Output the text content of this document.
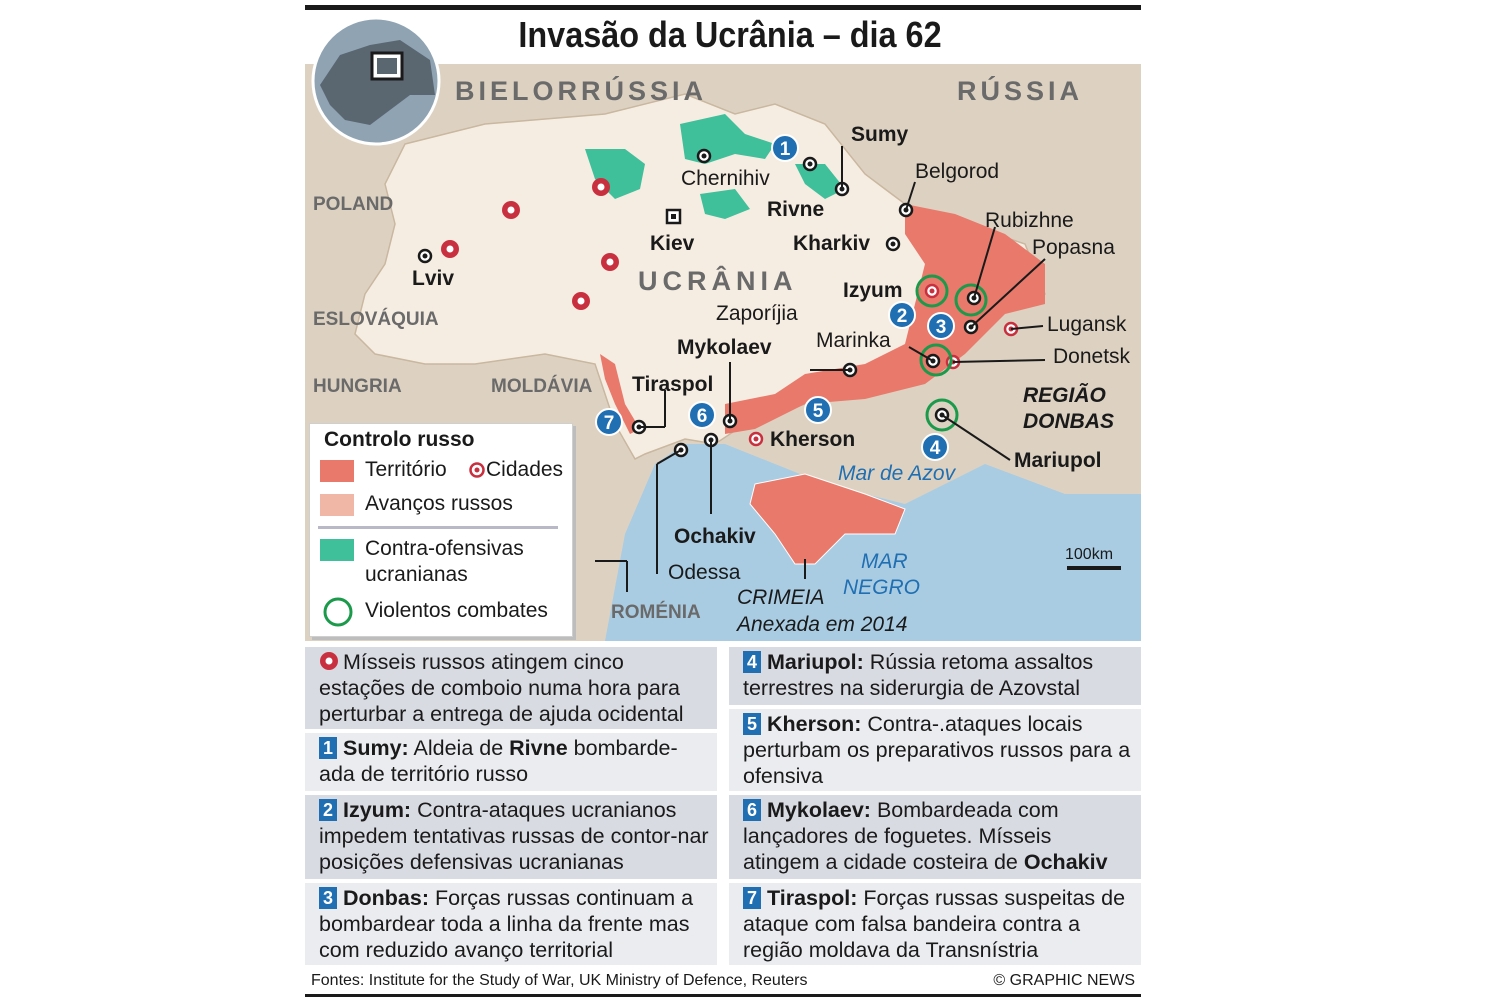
Invasão da Ucrânia – dia 62
BIELORRÚSSIA	RÚSSIA
POLAND
ESLOVÁQUIA
HUNGRIA	MOLDÁVIA
ROMÉNIA
UCRÂNIA
1
2
3
4
5
6
7
Sumy
Chernihiv	Belgorod
Rivne
Kiev	Kharkiv
Rubizhne
Popasna
Lviv
Izyum
Zaporíjia	Lugansk
Marinka
Donetsk
Mykolaev
Tiraspol
Kherson
Mariupol
Ochakiv
Odessa
REGIÃO
DONBAS
Mar de Azov
MAR
NEGRO
CRIMEIA
Anexada em 2014
100km
Controlo russo
Território Cidades
Avanços russos
Contra-ofensivas
ucranianas
Violentos combates
Mísseis russos atingem cinco estações de comboio numa hora para perturbar a entrega de ajuda ocidental
1 Sumy: Aldeia de Rivne bombarde-ada de território russo
2 Izyum: Contra-ataques ucranianos impedem tentativas russas de contor-nar posições defensivas ucranianas
3 Donbas: Forças russas continuam a bombardear toda a linha da frente mas com reduzido avanço territorial
4 Mariupol: Rússia retoma assaltos terrestres na siderurgia de Azovstal
5 Kherson: Contra-.ataques locais perturbam os preparativos russos para a ofensiva
6 Mykolaev: Bombardeada com lançadores de foguetes. Mísseis atingem a cidade costeira de Ochakiv
7 Tiraspol: Forças russas suspeitas de ataque com falsa bandeira contra a região moldava da Transnístria
Fontes: Institute for the Study of War, UK Ministry of Defence, Reuters	© GRAPHIC NEWS
